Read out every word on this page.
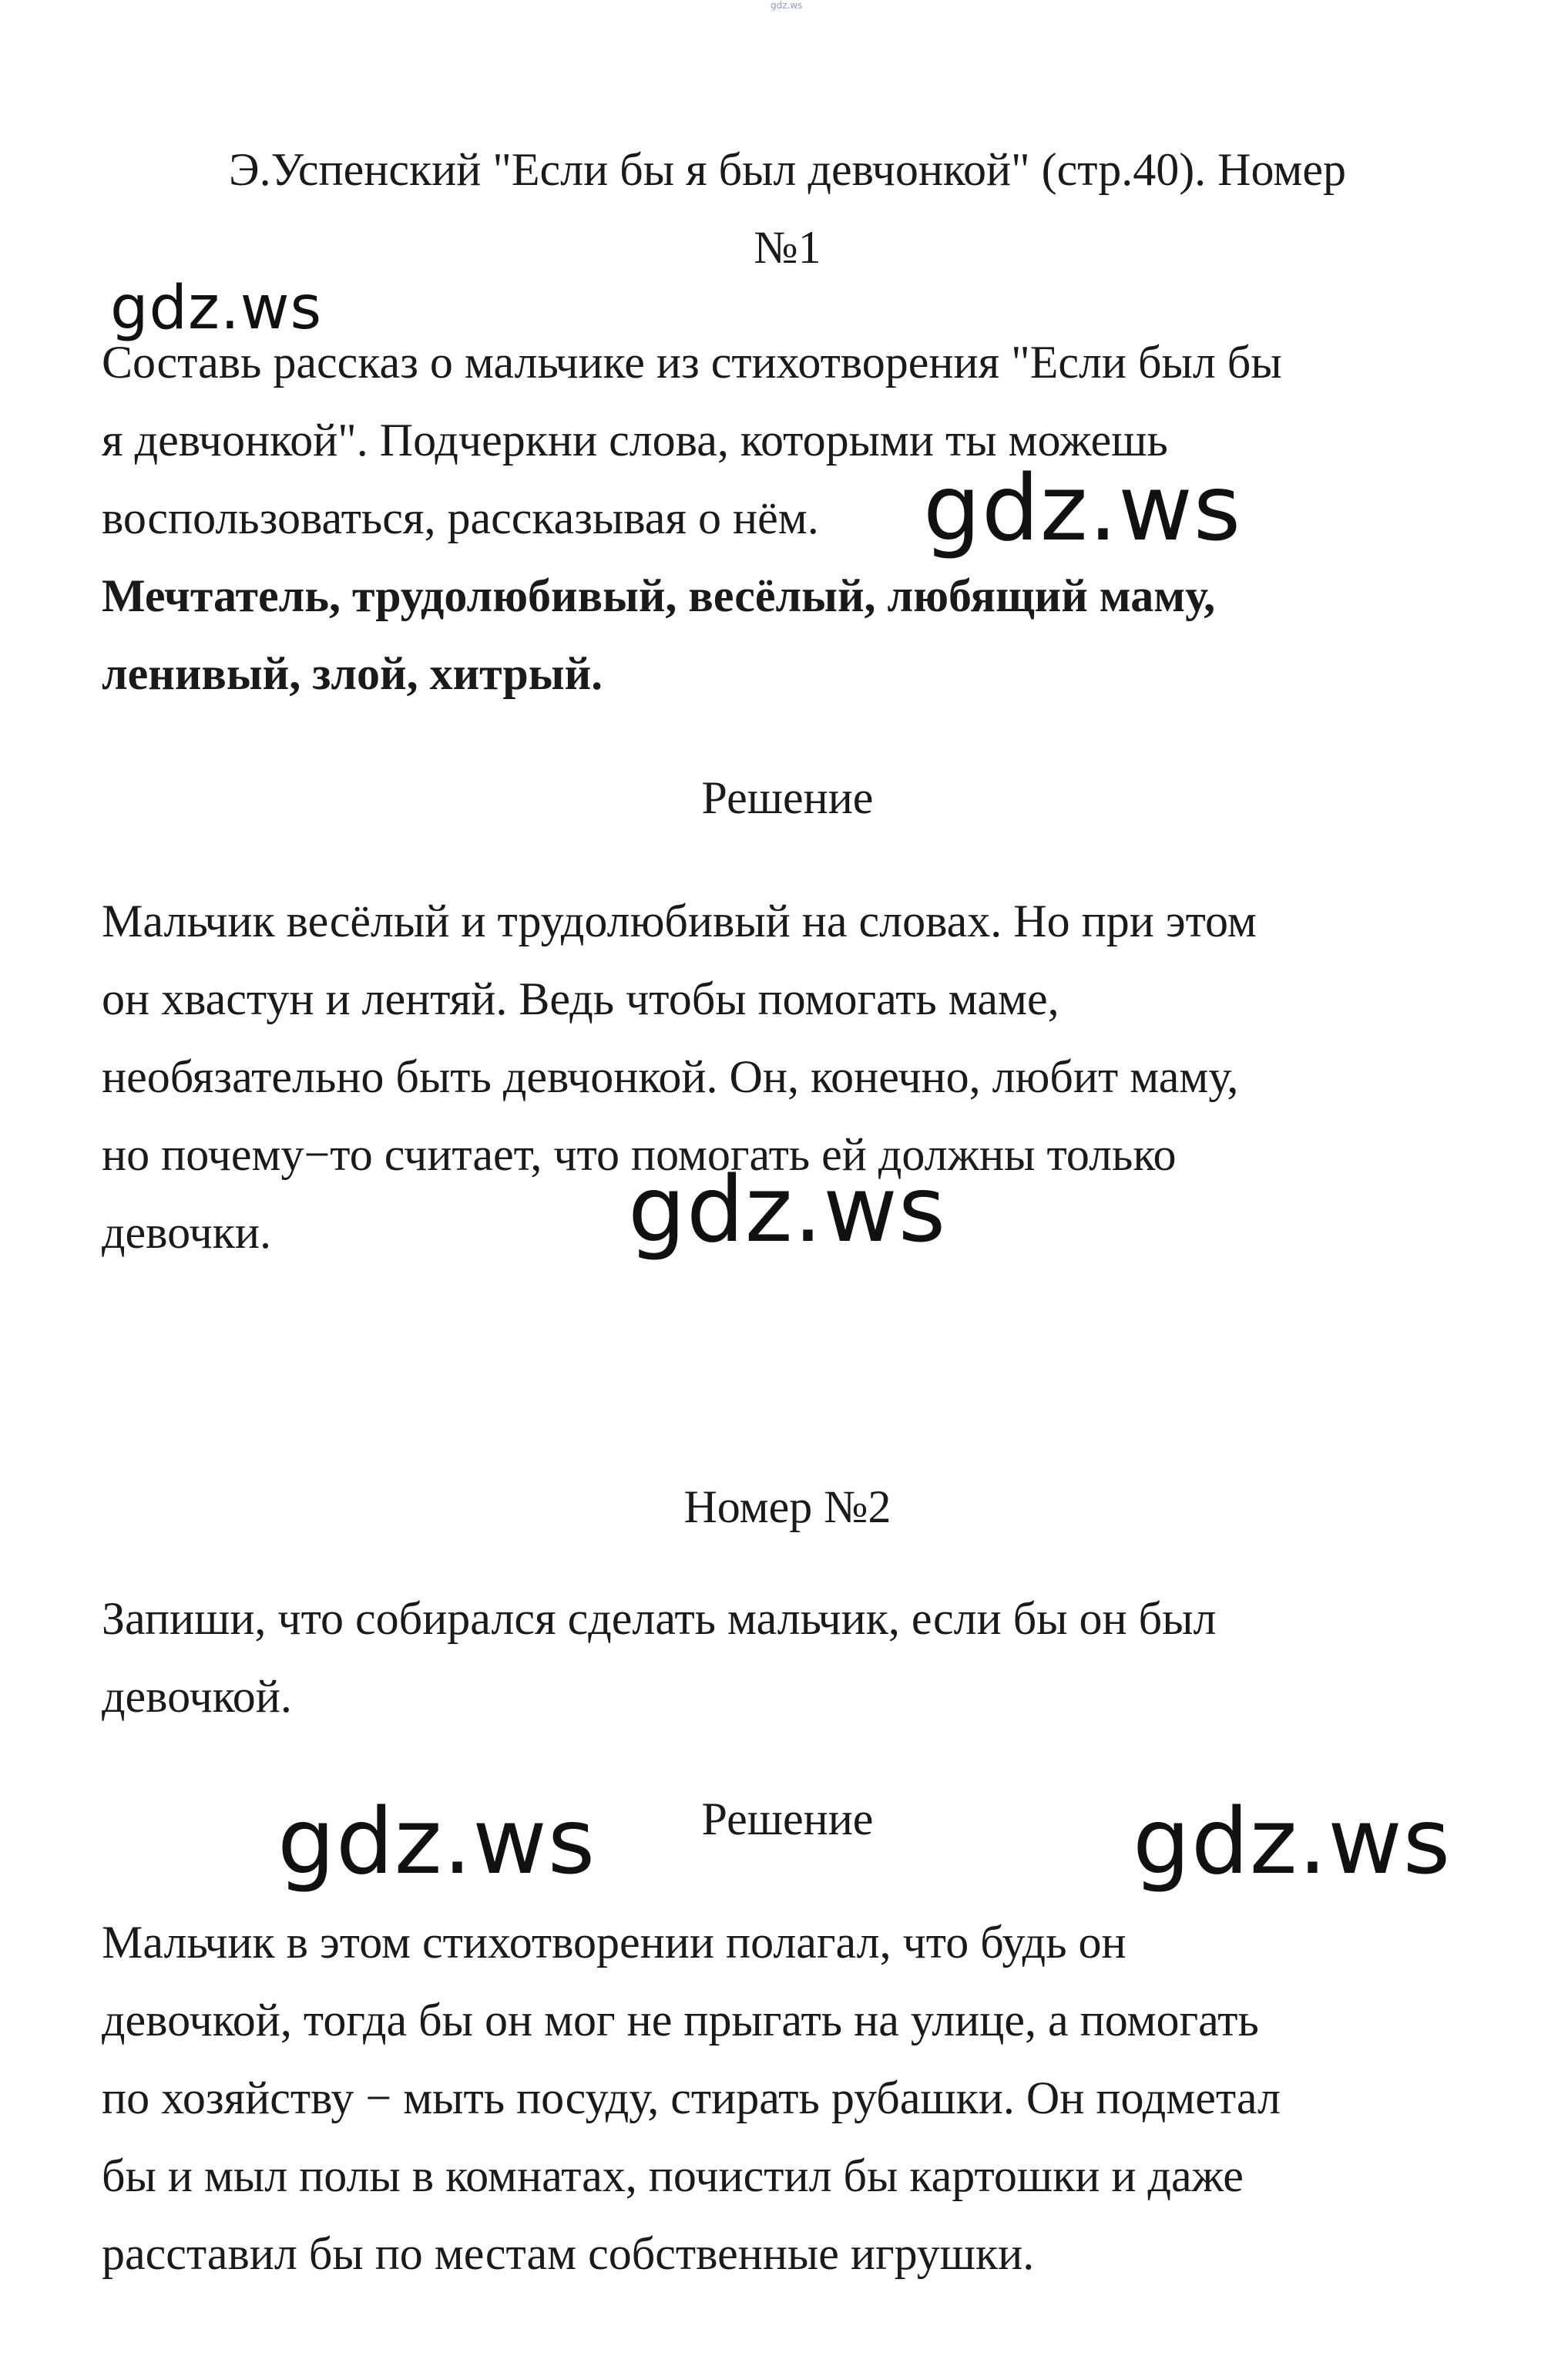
gdz.ws
Э.Успенский "Если бы я был девчонкой" (стр.40). Номер
№1
Составь рассказ о мальчике из стихотворения "Если был бы
я девчонкой". Подчеркни слова, которыми ты можешь
воспользоваться, рассказывая о нём.
Мечтатель, трудолюбивый, весёлый, любящий маму,
ленивый, злой, хитрый.
Решение
Мальчик весёлый и трудолюбивый на словах. Но при этом
он хвастун и лентяй. Ведь чтобы помогать маме,
необязательно быть девчонкой. Он, конечно, любит маму,
но почему−то считает, что помогать ей должны только
девочки.
Номер №2
Запиши, что собирался сделать мальчик, если бы он был
девочкой.
Решение
Мальчик в этом стихотворении полагал, что будь он
девочкой, тогда бы он мог не прыгать на улице, а помогать
по хозяйству − мыть посуду, стирать рубашки. Он подметал
бы и мыл полы в комнатах, почистил бы картошки и даже
расставил бы по местам собственные игрушки.
gdz.ws
gdz.ws
gdz.ws
gdz.ws	gdz.ws
